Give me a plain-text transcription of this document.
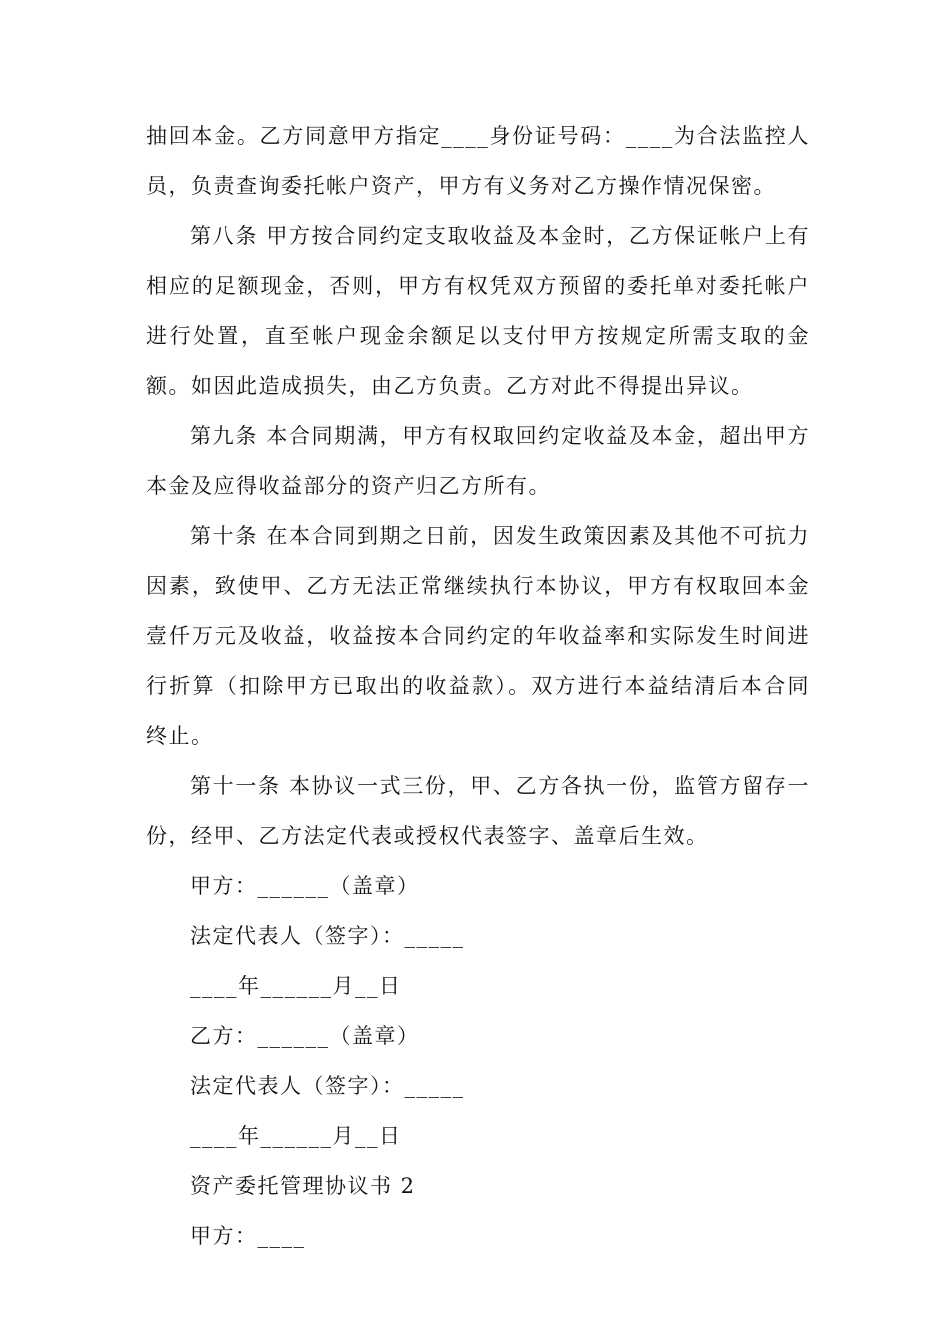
抽回本金。乙方同意甲方指定____身份证号码：____为合法监控人员，负责查询委托帐户资产，甲方有义务对乙方操作情况保密。

第八条 甲方按合同约定支取收益及本金时，乙方保证帐户上有相应的足额现金，否则，甲方有权凭双方预留的委托单对委托帐户进行处置，直至帐户现金余额足以支付甲方按规定所需支取的金额。如因此造成损失，由乙方负责。乙方对此不得提出异议。

第九条 本合同期满，甲方有权取回约定收益及本金，超出甲方本金及应得收益部分的资产归乙方所有。

第十条 在本合同到期之日前，因发生政策因素及其他不可抗力因素，致使甲、乙方无法正常继续执行本协议，甲方有权取回本金壹仟万元及收益，收益按本合同约定的年收益率和实际发生时间进行折算（扣除甲方已取出的收益款）。双方进行本益结清后本合同终止。

第十一条 本协议一式三份，甲、乙方各执一份，监管方留存一份，经甲、乙方法定代表或授权代表签字、盖章后生效。

甲方：______（盖章）

法定代表人（签字）：_____

____年______月__日

乙方：______（盖章）

法定代表人（签字）：_____

____年______月__日

资产委托管理协议书 2

甲方：____
